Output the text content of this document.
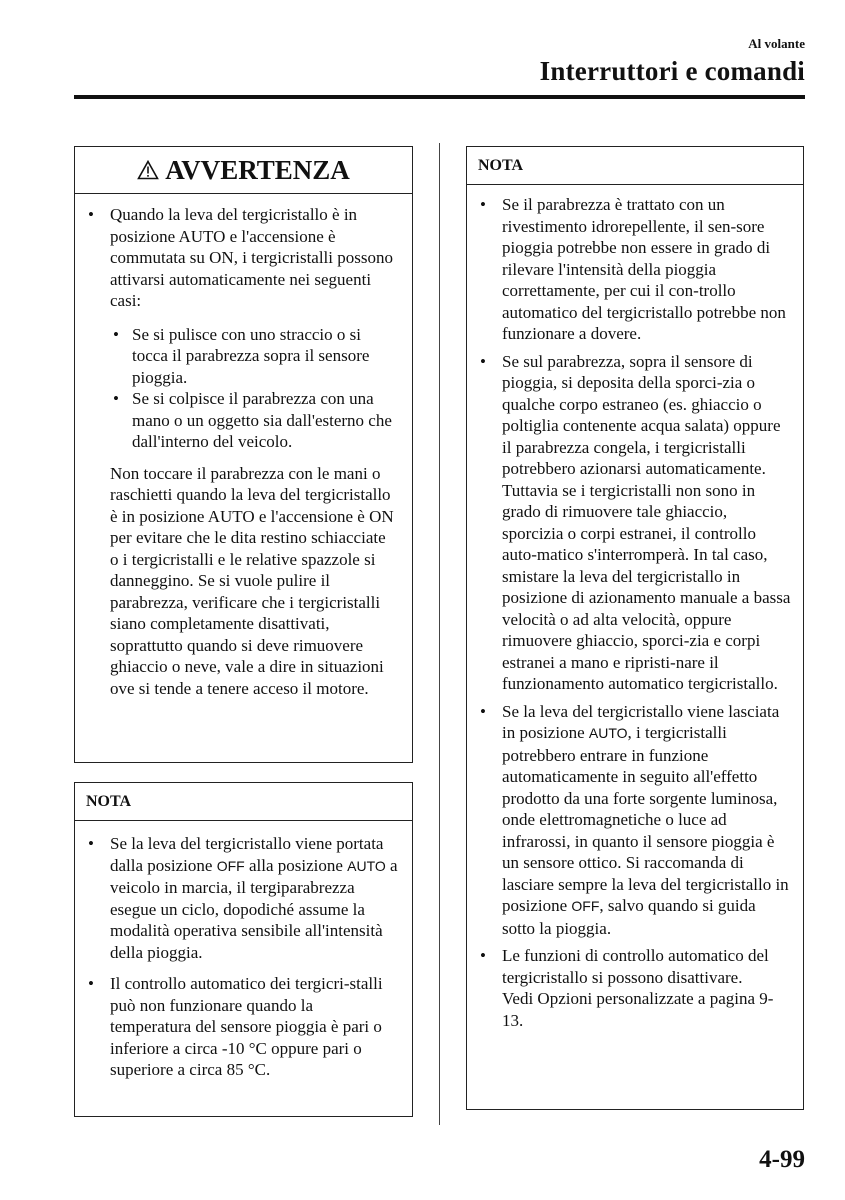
Al volante
Interruttori e comandi
AVVERTENZA
• Quando la leva del tergicristallo è in posizione AUTO e l'accensione è commutata su ON, i tergicristalli possono attivarsi automaticamente nei seguenti casi:
• Se si pulisce con uno straccio o si tocca il parabrezza sopra il sensore pioggia.
• Se si colpisce il parabrezza con una mano o un oggetto sia dall'esterno che dall'interno del veicolo.
Non toccare il parabrezza con le mani o raschietti quando la leva del tergicristallo è in posizione AUTO e l'accensione è ON per evitare che le dita restino schiacciate o i tergicristalli e le relative spazzole si danneggino. Se si vuole pulire il parabrezza, verificare che i tergicristalli siano completamente disattivati, soprattutto quando si deve rimuovere ghiaccio o neve, vale a dire in situazioni ove si tende a tenere acceso il motore.
NOTA
• Se la leva del tergicristallo viene portata dalla posizione OFF alla posizione AUTO a veicolo in marcia, il tergiparabrezza esegue un ciclo, dopodiché assume la modalità operativa sensibile all'intensità della pioggia.
• Il controllo automatico dei tergicri-stalli può non funzionare quando la temperatura del sensore pioggia è pari o inferiore a circa -10 °C oppure pari o superiore a circa 85 °C.
NOTA
• Se il parabrezza è trattato con un rivestimento idrorepellente, il sen-sore pioggia potrebbe non essere in grado di rilevare l'intensità della pioggia correttamente, per cui il con-trollo automatico del tergicristallo potrebbe non funzionare a dovere.
• Se sul parabrezza, sopra il sensore di pioggia, si deposita della sporci-zia o qualche corpo estraneo (es. ghiaccio o poltiglia contenente acqua salata) oppure il parabrezza congela, i tergicristalli potrebbero azionarsi automaticamente. Tuttavia se i tergicristalli non sono in grado di rimuovere tale ghiaccio, sporcizia o corpi estranei, il controllo auto-matico s'interromperà. In tal caso, smistare la leva del tergicristallo in posizione di azionamento manuale a bassa velocità o ad alta velocità, oppure rimuovere ghiaccio, sporci-zia e corpi estranei a mano e ripristi-nare il funzionamento automatico tergicristallo.
• Se la leva del tergicristallo viene lasciata in posizione AUTO, i tergicristalli potrebbero entrare in funzione automaticamente in seguito all'effetto prodotto da una forte sorgente luminosa, onde elettromagnetiche o luce ad infrarossi, in quanto il sensore pioggia è un sensore ottico. Si raccomanda di lasciare sempre la leva del tergicristallo in posizione OFF, salvo quando si guida sotto la pioggia.
• Le funzioni di controllo automatico del tergicristallo si possono disattivare.
Vedi Opzioni personalizzate a pagina 9-13.
4-99
